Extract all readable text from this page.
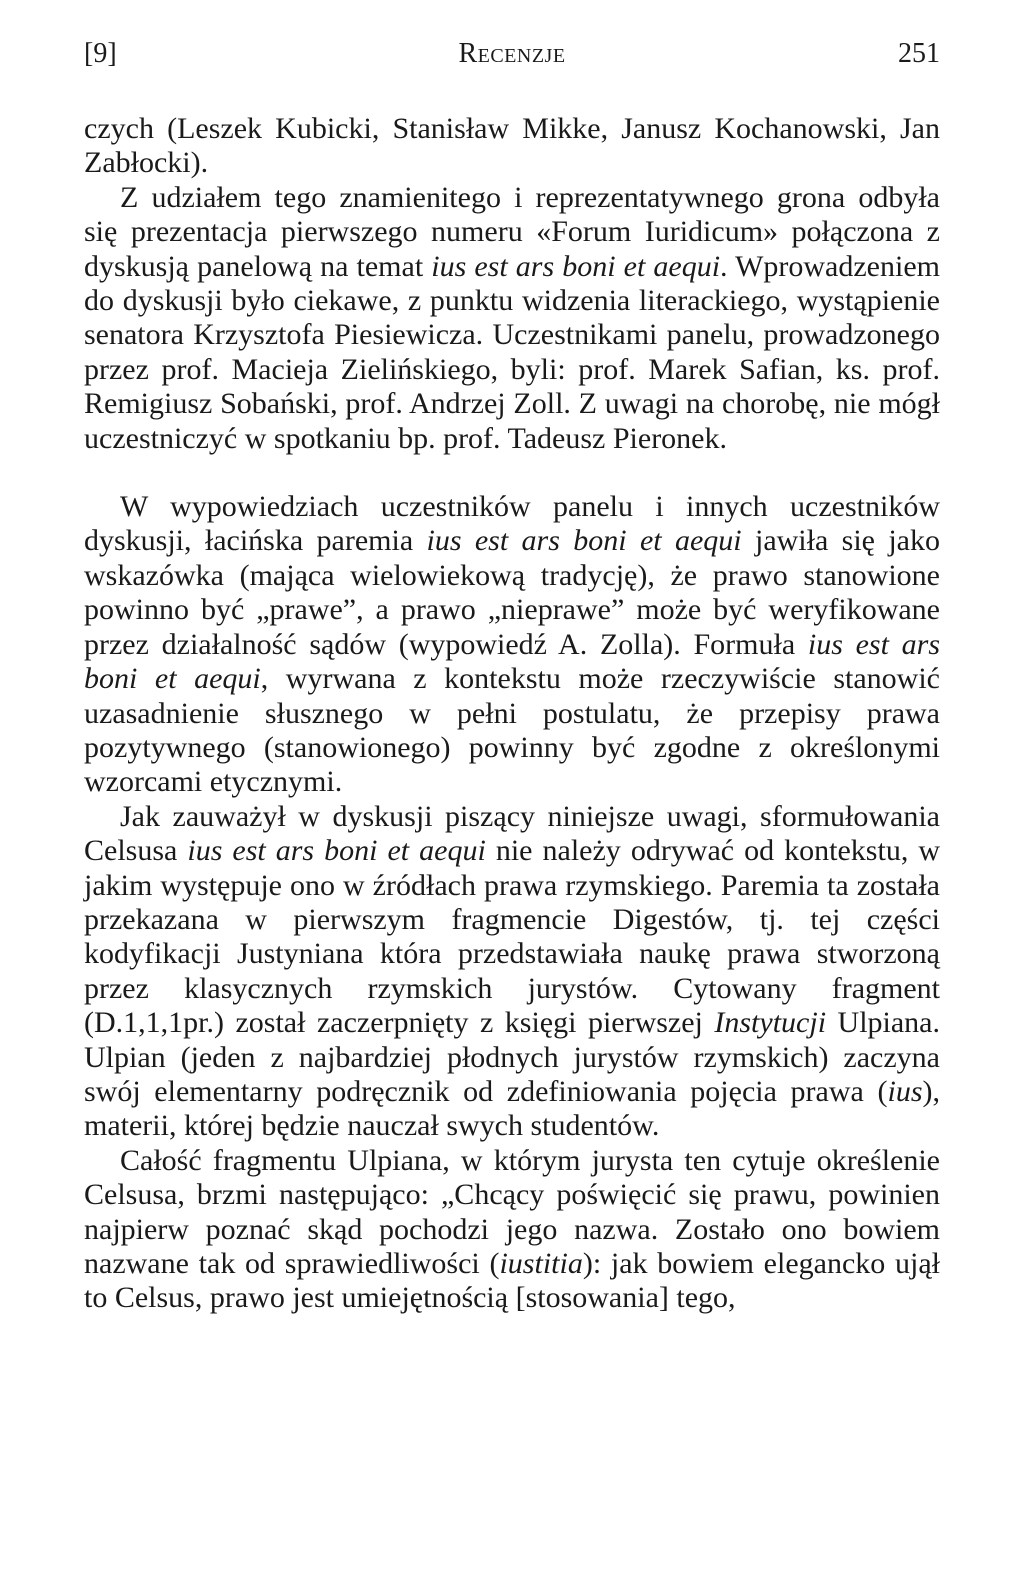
[9]	Recenzje	251

czych (Leszek Kubicki, Stanisław Mikke, Janusz Kochanowski, Jan Zabłocki).

Z udziałem tego znamienitego i reprezentatywnego grona odbyła się prezentacja pierwszego numeru «Forum Iuridicum» połączona z dyskusją panelową na temat ius est ars boni et aequi. Wprowadzeniem do dyskusji było ciekawe, z punktu widzenia literackiego, wystąpienie senatora Krzysztofa Piesiewicza. Uczestnikami panelu, prowadzonego przez prof. Macieja Zielińskiego, byli: prof. Marek Safian, ks. prof. Remigiusz Sobański, prof. Andrzej Zoll. Z uwagi na chorobę, nie mógł uczestniczyć w spotkaniu bp. prof. Tadeusz Pieronek.

W wypowiedziach uczestników panelu i innych uczestników dyskusji, łacińska paremia ius est ars boni et aequi jawiła się jako wskazówka (mająca wielowiekową tradycję), że prawo stanowione powinno być „prawe”, a prawo „nieprawe” może być weryfikowane przez działalność sądów (wypowiedź A. Zolla). Formuła ius est ars boni et aequi, wyrwana z kontekstu może rzeczywiście stanowić uzasadnienie słusznego w pełni postulatu, że przepisy prawa pozytywnego (stanowionego) powinny być zgodne z określonymi wzorcami etycznymi.

Jak zauważył w dyskusji piszący niniejsze uwagi, sformułowania Celsusa ius est ars boni et aequi nie należy odrywać od kontekstu, w jakim występuje ono w źródłach prawa rzymskiego. Paremia ta została przekazana w pierwszym fragmencie Digestów, tj. tej części kodyfikacji Justyniana która przedstawiała naukę prawa stworzoną przez klasycznych rzymskich jurystów. Cytowany fragment (D.1,1,1pr.) został zaczerpnięty z księgi pierwszej Instytucji Ulpiana. Ulpian (jeden z najbardziej płodnych jurystów rzymskich) zaczyna swój elementarny podręcznik od zdefiniowania pojęcia prawa (ius), materii, której będzie nauczał swych studentów.

Całość fragmentu Ulpiana, w którym jurysta ten cytuje określenie Celsusa, brzmi następująco: „Chcący poświęcić się prawu, powinien najpierw poznać skąd pochodzi jego nazwa. Zostało ono bowiem nazwane tak od sprawiedliwości (iustitia): jak bowiem elegancko ujął to Celsus, prawo jest umiejętnością [stosowania] tego,
